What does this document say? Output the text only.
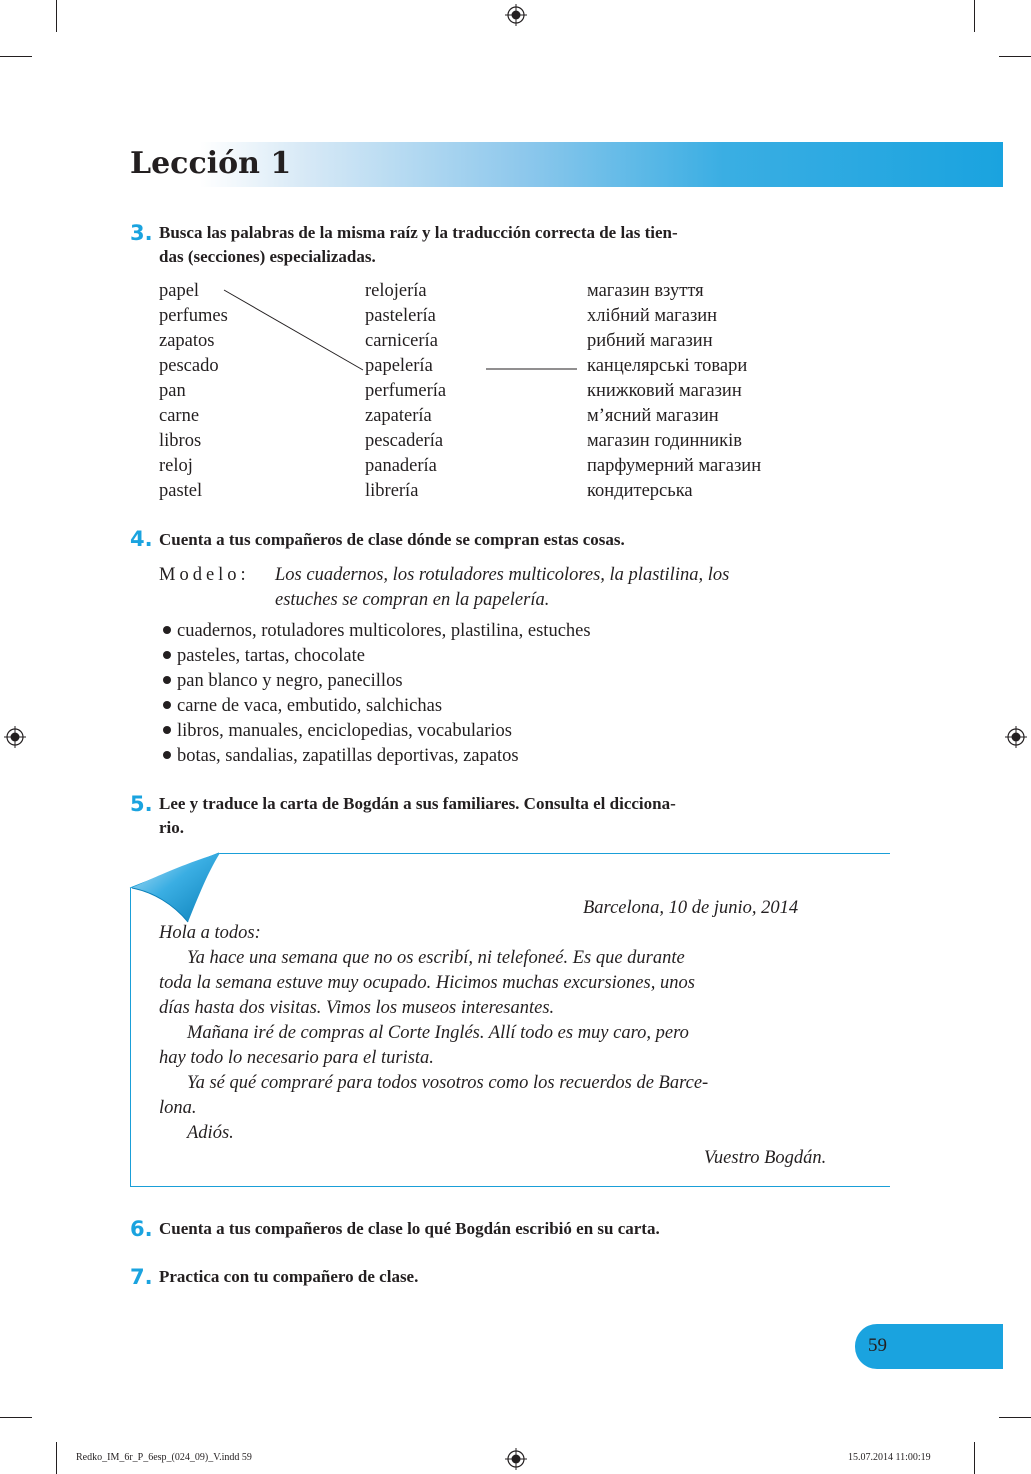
Lección 1
3. Busca las palabras de la misma raíz y la traducción correcta de las tien-
das (secciones) especializadas.
papel
perfumes
zapatos
pescado
pan
carne
libros
reloj
pastel
relojería
pastelería
carnicería
papelería
perfumería
zapatería
pescadería
panadería
librería
магазин взуття
хлібний магазин
рибний магазин
канцелярські товари
книжковий магазин
м’ясний магазин
магазин годинників
парфумерний магазин
кондитерська
4. Cuenta a tus compañeros de clase dónde se compran estas cosas.
Modelo: Los cuadernos, los rotuladores multicolores, la plastilina, los
estuches se compran en la papelería.
cuadernos, rotuladores multicolores, plastilina, estuches
pasteles, tartas, chocolate
pan blanco y negro, panecillos
carne de vaca, embutido, salchichas
libros, manuales, enciclopedias, vocabularios
botas, sandalias, zapatillas deportivas, zapatos
5. Lee y traduce la carta de Bogdán a sus familiares. Consulta el dicciona-
rio.
Barcelona, 10 de junio, 2014
Hola a todos:
Ya hace una semana que no os escribí, ni telefoneé. Es que durante
toda la semana estuve muy ocupado. Hicimos muchas excursiones, unos
días hasta dos visitas. Vimos los museos interesantes.
Mañana iré de compras al Corte Inglés. Allí todo es muy caro, pero
hay todo lo necesario para el turista.
Ya sé qué compraré para todos vosotros como los recuerdos de Barce-
lona.
Adiós.
Vuestro Bogdán.
6. Cuenta a tus compañeros de clase lo qué Bogdán escribió en su carta.
7. Practica con tu compañero de clase.
59
Redko_IM_6r_P_6esp_(024_09)_V.indd 59	15.07.2014 11:00:19
